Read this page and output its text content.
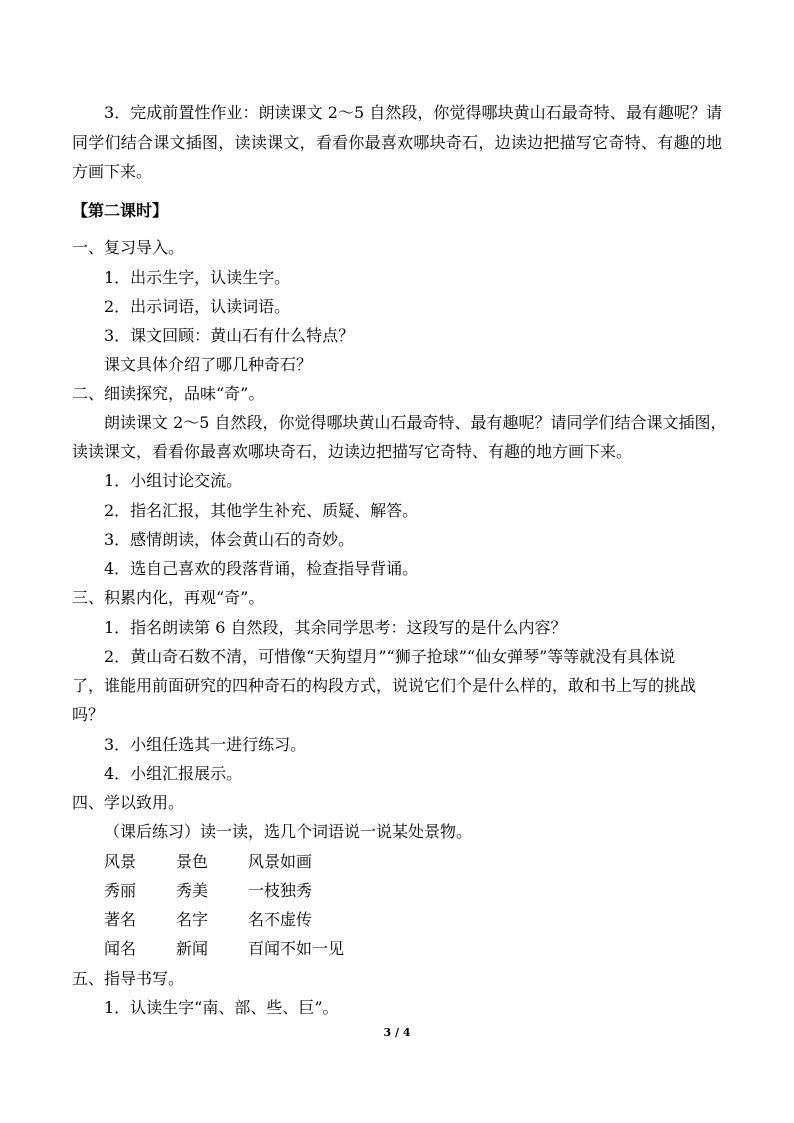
3．完成前置性作业：朗读课文 2～5 自然段，你觉得哪块黄山石最奇特、最有趣呢？请同学们结合课文插图，读读课文，看看你最喜欢哪块奇石，边读边把描写它奇特、有趣的地方画下来。
【第二课时】
一、复习导入。
1．出示生字，认读生字。
2．出示词语，认读词语。
3．课文回顾：黄山石有什么特点？
课文具体介绍了哪几种奇石？
二、细读探究，品味“奇”。
朗读课文 2～5 自然段，你觉得哪块黄山石最奇特、最有趣呢？请同学们结合课文插图，
读读课文，看看你最喜欢哪块奇石，边读边把描写它奇特、有趣的地方画下来。
1．小组讨论交流。
2．指名汇报，其他学生补充、质疑、解答。
3．感情朗读，体会黄山石的奇妙。
4．选自己喜欢的段落背诵，检查指导背诵。
三、积累内化，再观“奇”。
1．指名朗读第 6 自然段，其余同学思考：这段写的是什么内容？
2．黄山奇石数不清，可惜像“天狗望月”“狮子抢球”“仙女弹琴”等等就没有具体说
了，谁能用前面研究的四种奇石的构段方式，说说它们个是什么样的，敢和书上写的挑战
吗？
3．小组任选其一进行练习。
4．小组汇报展示。
四、学以致用。
（课后练习）读一读，选几个词语说一说某处景物。
风景 景色 风景如画
秀丽 秀美 一枝独秀
著名 名字 名不虚传
闻名 新闻 百闻不如一见
五、指导书写。
1．认读生字“南、部、些、巨”。
3 / 4
